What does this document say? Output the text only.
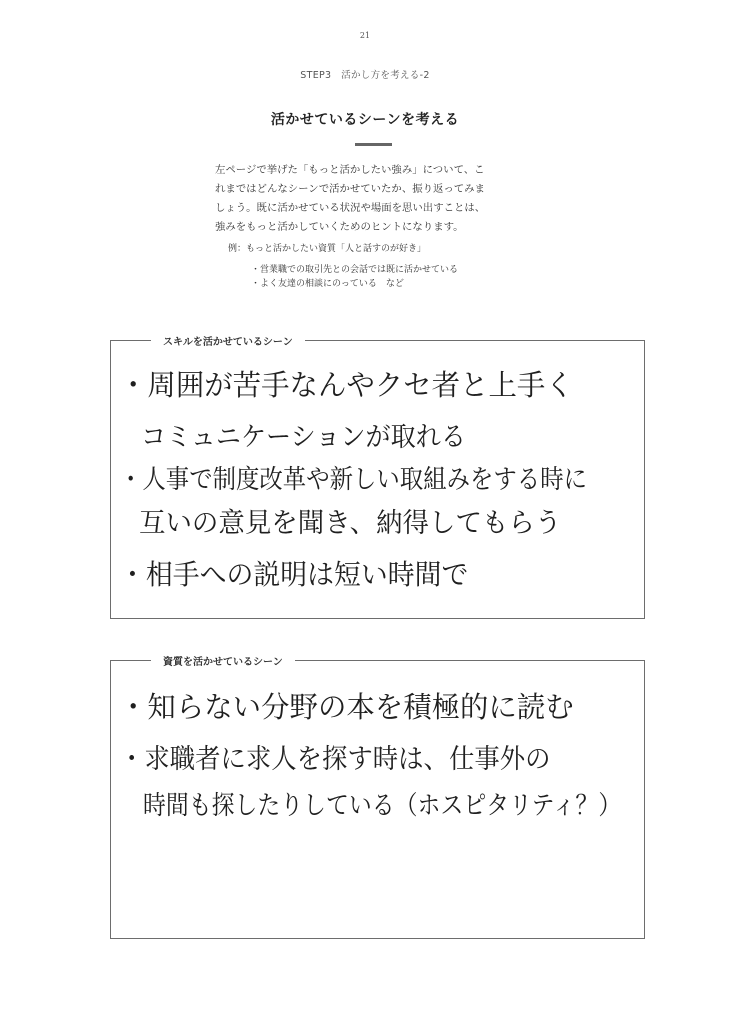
21
STEP3　活かし方を考える-2
活かせているシーンを考える
左ページで挙げた「もっと活かしたい強み」について、こ
れまではどんなシーンで活かせていたか、振り返ってみま
しょう。既に活かせている状況や場面を思い出すことは、
強みをもっと活かしていくためのヒントになります。
例：もっと活かしたい資質「人と話すのが好き」
・営業職での取引先との会話では既に活かせている
・よく友達の相談にのっている　など
スキルを活かせているシーン
・周囲が苦手なんやクセ者と上手く
コミュニケーションが取れる
・人事で制度改革や新しい取組みをする時に
互いの意見を聞き、納得してもらう
・相手への説明は短い時間で
資質を活かせているシーン
・知らない分野の本を積極的に読む
・求職者に求人を探す時は、仕事外の
時間も探したりしている（ホスピタリティ？）
